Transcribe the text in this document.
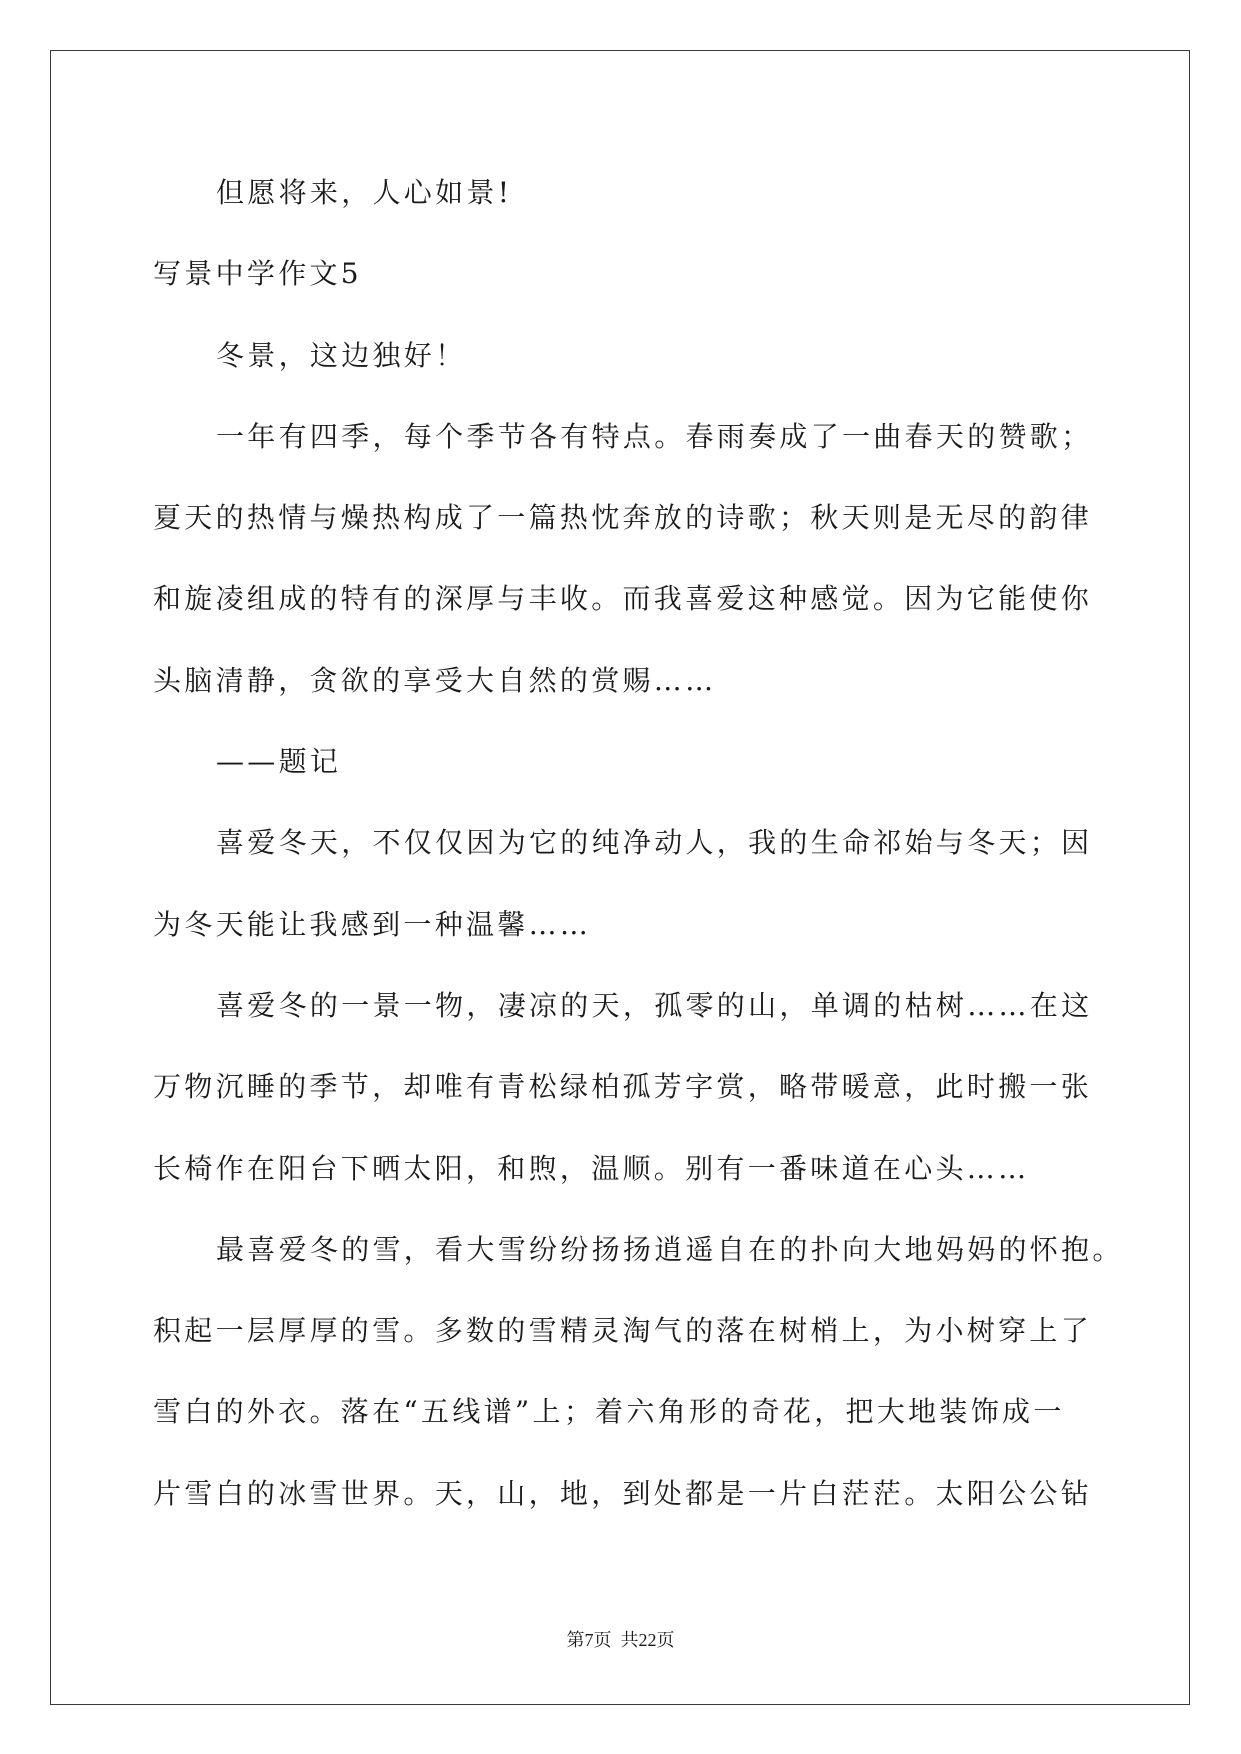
但愿将来，人心如景!
写景中学作文5
冬景，这边独好！
一年有四季，每个季节各有特点。春雨奏成了一曲春天的赞歌；
夏天的热情与燥热构成了一篇热忱奔放的诗歌；秋天则是无尽的韵律
和旋凌组成的特有的深厚与丰收。而我喜爱这种感觉。因为它能使你
头脑清静，贪欲的享受大自然的赏赐……
——题记
喜爱冬天，不仅仅因为它的纯净动人，我的生命祁始与冬天；因
为冬天能让我感到一种温馨……
喜爱冬的一景一物，凄凉的天，孤零的山，单调的枯树……在这
万物沉睡的季节，却唯有青松绿柏孤芳字赏，略带暖意，此时搬一张
长椅作在阳台下晒太阳，和煦，温顺。别有一番味道在心头……
最喜爱冬的雪，看大雪纷纷扬扬逍遥自在的扑向大地妈妈的怀抱。
积起一层厚厚的雪。多数的雪精灵淘气的落在树梢上，为小树穿上了
雪白的外衣。落在“五线谱”上；着六角形的奇花，把大地装饰成一
片雪白的冰雪世界。天，山，地，到处都是一片白茫茫。太阳公公钻
第7页  共22页
